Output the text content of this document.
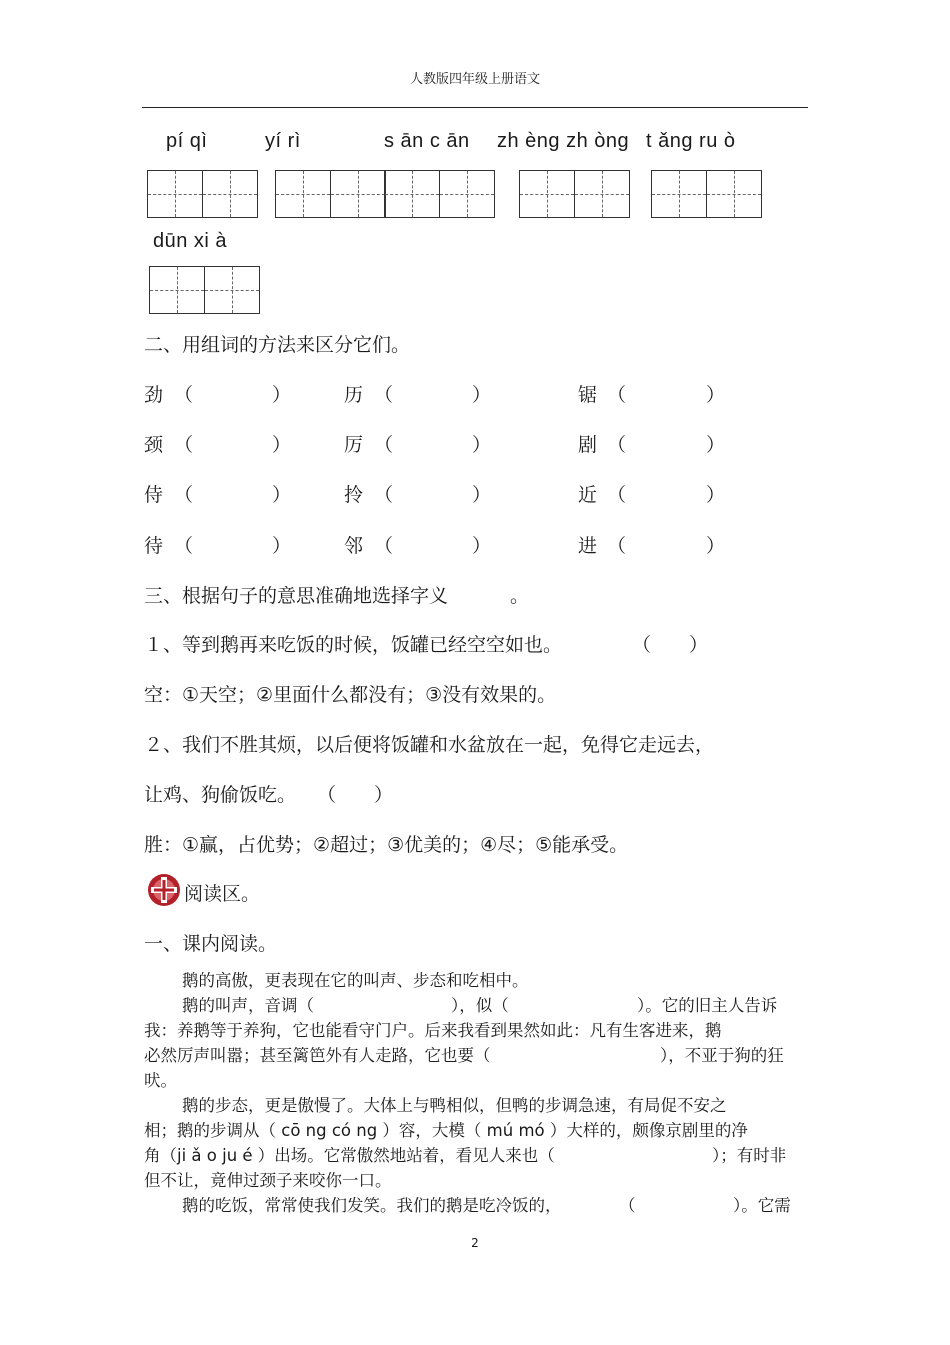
人教版四年级上册语文
pí qì	yí rì	s ān c ān zh èng zh òng t ǎng ru ò
dūn xi à
二、用组词的方法来区分它们。
劲 （	）	历 （	）	锯 （	）
颈 （	）	厉 （	）	剧 （	）
侍 （	）	拎 （	）	近 （	）
待 （	）	邻 （	）	进 （	）
三、根据句子的意思准确地选择字义	。
１、等到鹅再来吃饭的时候，饭罐已经空空如也。	（　　）
空：①天空；②里面什么都没有；③没有效果的。
２、我们不胜其烦，以后便将饭罐和水盆放在一起，免得它走远去，
让鸡、狗偷饭吃。 （　　）
胜：①赢，占优势；②超过；③优美的；④尽；⑤能承受。
阅读区。
一、课内阅读。
鹅的高傲，更表现在它的叫声、步态和吃相中。
鹅的叫声，音调（	），似（	）。它的旧主人告诉
我：养鹅等于养狗，它也能看守门户。后来我看到果然如此：凡有生客进来，鹅
必然厉声叫嚣；甚至篱笆外有人走路，它也要（	），不亚于狗的狂
吠。
鹅的步态，更是傲慢了。大体上与鸭相似，但鸭的步调急速，有局促不安之
相；鹅的步调从（ cō ng có ng ）容，大模（ mú mó ）大样的，颇像京剧里的净
角（ji ǎ o ju é ）出场。它常傲然地站着，看见人来也（	）；有时非
但不让，竟伸过颈子来咬你一口。
鹅的吃饭，常常使我们发笑。我们的鹅是吃冷饭的，	（	）。它需
2
